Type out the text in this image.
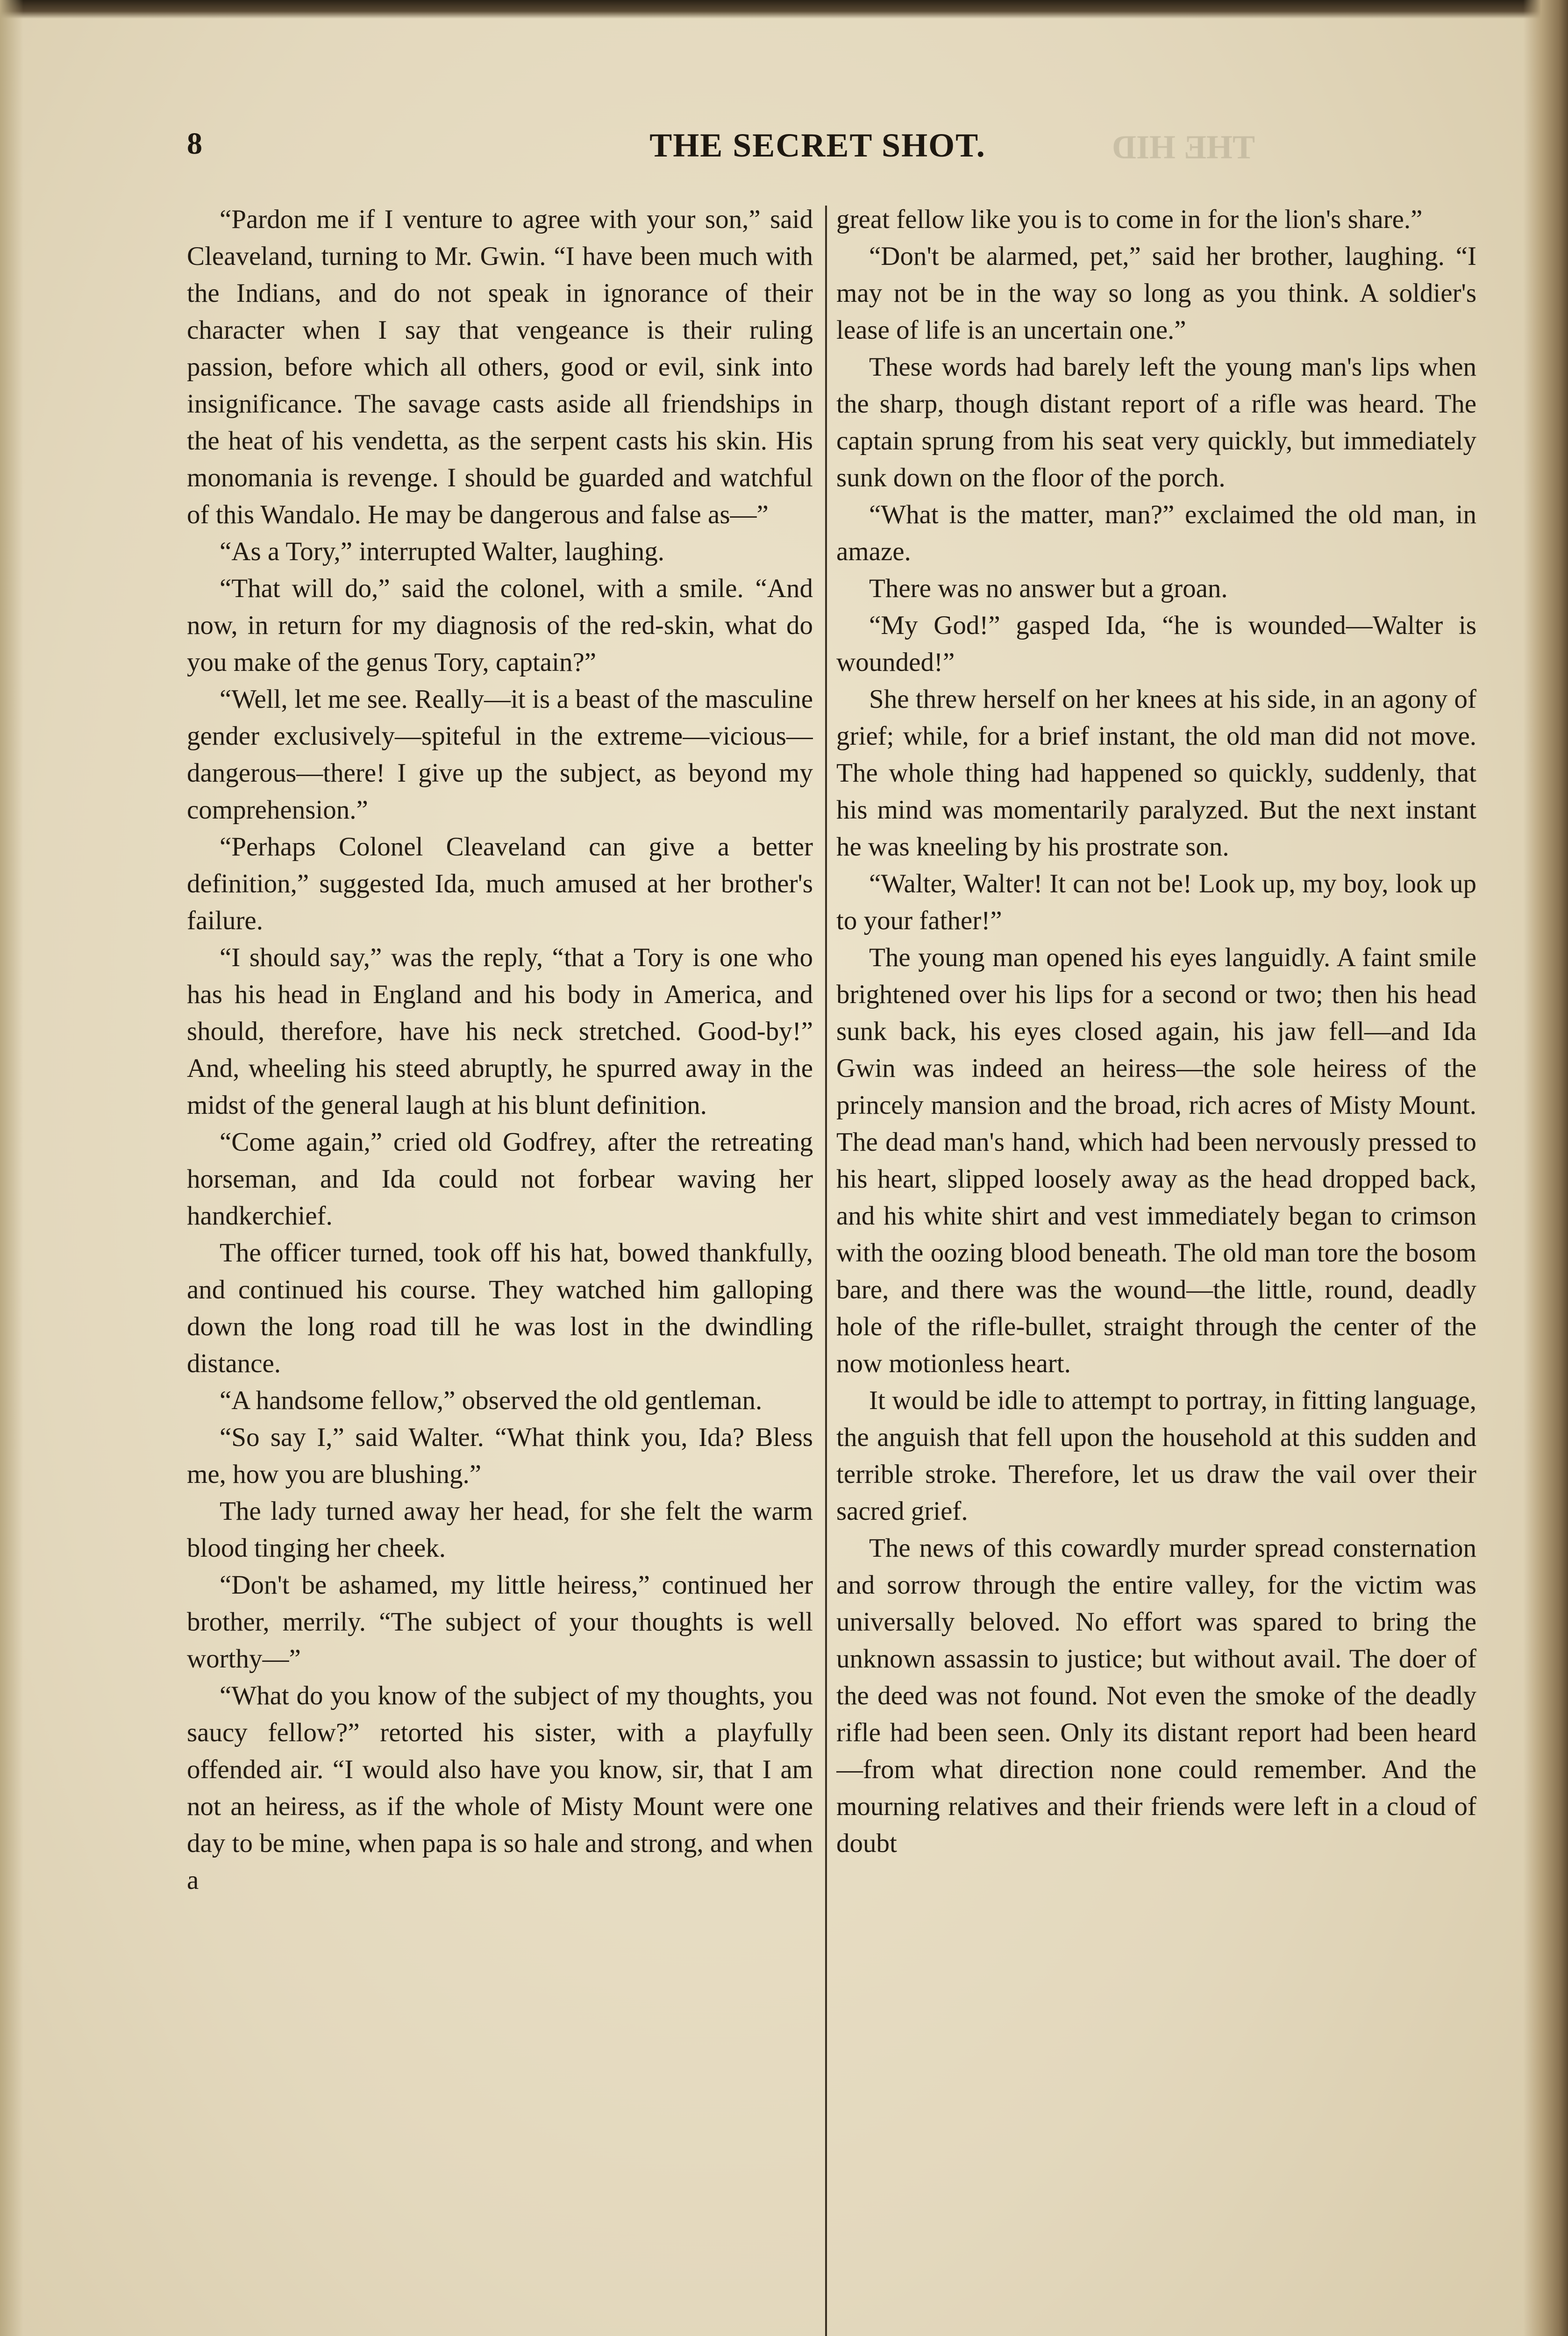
8	THE SECRET SHOT.	THE HID

“Pardon me if I venture to agree with your son,” said Cleaveland, turning to Mr. Gwin. “I have been much with the Indians, and do not speak in ignorance of their character when I say that vengeance is their ruling passion, before which all others, good or evil, sink into insignificance. The savage casts aside all friendships in the heat of his vendetta, as the serpent casts his skin. His monomania is revenge. I should be guarded and watchful of this Wandalo. He may be dangerous and false as—”

“As a Tory,” interrupted Walter, laughing.

“That will do,” said the colonel, with a smile. “And now, in return for my diagnosis of the red-skin, what do you make of the genus Tory, captain?”

“Well, let me see. Really—it is a beast of the masculine gender exclusively—spiteful in the extreme—vicious—dangerous—there! I give up the subject, as beyond my comprehension.”

“Perhaps Colonel Cleaveland can give a better definition,” suggested Ida, much amused at her brother's failure.

“I should say,” was the reply, “that a Tory is one who has his head in England and his body in America, and should, therefore, have his neck stretched. Good-by!” And, wheeling his steed abruptly, he spurred away in the midst of the general laugh at his blunt definition.

“Come again,” cried old Godfrey, after the retreating horseman, and Ida could not forbear waving her handkerchief.

The officer turned, took off his hat, bowed thankfully, and continued his course. They watched him galloping down the long road till he was lost in the dwindling distance.

“A handsome fellow,” observed the old gentleman.

“So say I,” said Walter. “What think you, Ida? Bless me, how you are blushing.”

The lady turned away her head, for she felt the warm blood tinging her cheek.

“Don't be ashamed, my little heiress,” continued her brother, merrily. “The subject of your thoughts is well worthy—”

“What do you know of the subject of my thoughts, you saucy fellow?” retorted his sister, with a playfully offended air. “I would also have you know, sir, that I am not an heiress, as if the whole of Misty Mount were one day to be mine, when papa is so hale and strong, and when a

great fellow like you is to come in for the lion's share.”

“Don't be alarmed, pet,” said her brother, laughing. “I may not be in the way so long as you think. A soldier's lease of life is an uncertain one.”

These words had barely left the young man's lips when the sharp, though distant report of a rifle was heard. The captain sprung from his seat very quickly, but immediately sunk down on the floor of the porch.

“What is the matter, man?” exclaimed the old man, in amaze.

There was no answer but a groan.

“My God!” gasped Ida, “he is wounded—Walter is wounded!”

She threw herself on her knees at his side, in an agony of grief; while, for a brief instant, the old man did not move. The whole thing had happened so quickly, suddenly, that his mind was momentarily paralyzed. But the next instant he was kneeling by his prostrate son.

“Walter, Walter! It can not be! Look up, my boy, look up to your father!”

The young man opened his eyes languidly. A faint smile brightened over his lips for a second or two; then his head sunk back, his eyes closed again, his jaw fell—and Ida Gwin was indeed an heiress—the sole heiress of the princely mansion and the broad, rich acres of Misty Mount. The dead man's hand, which had been nervously pressed to his heart, slipped loosely away as the head dropped back, and his white shirt and vest immediately began to crimson with the oozing blood beneath. The old man tore the bosom bare, and there was the wound—the little, round, deadly hole of the rifle-bullet, straight through the center of the now motionless heart.

It would be idle to attempt to portray, in fitting language, the anguish that fell upon the household at this sudden and terrible stroke. Therefore, let us draw the vail over their sacred grief.

The news of this cowardly murder spread consternation and sorrow through the entire valley, for the victim was universally beloved. No effort was spared to bring the unknown assassin to justice; but without avail. The doer of the deed was not found. Not even the smoke of the deadly rifle had been seen. Only its distant report had been heard—from what direction none could remember. And the mourning relatives and their friends were left in a cloud of doubt
